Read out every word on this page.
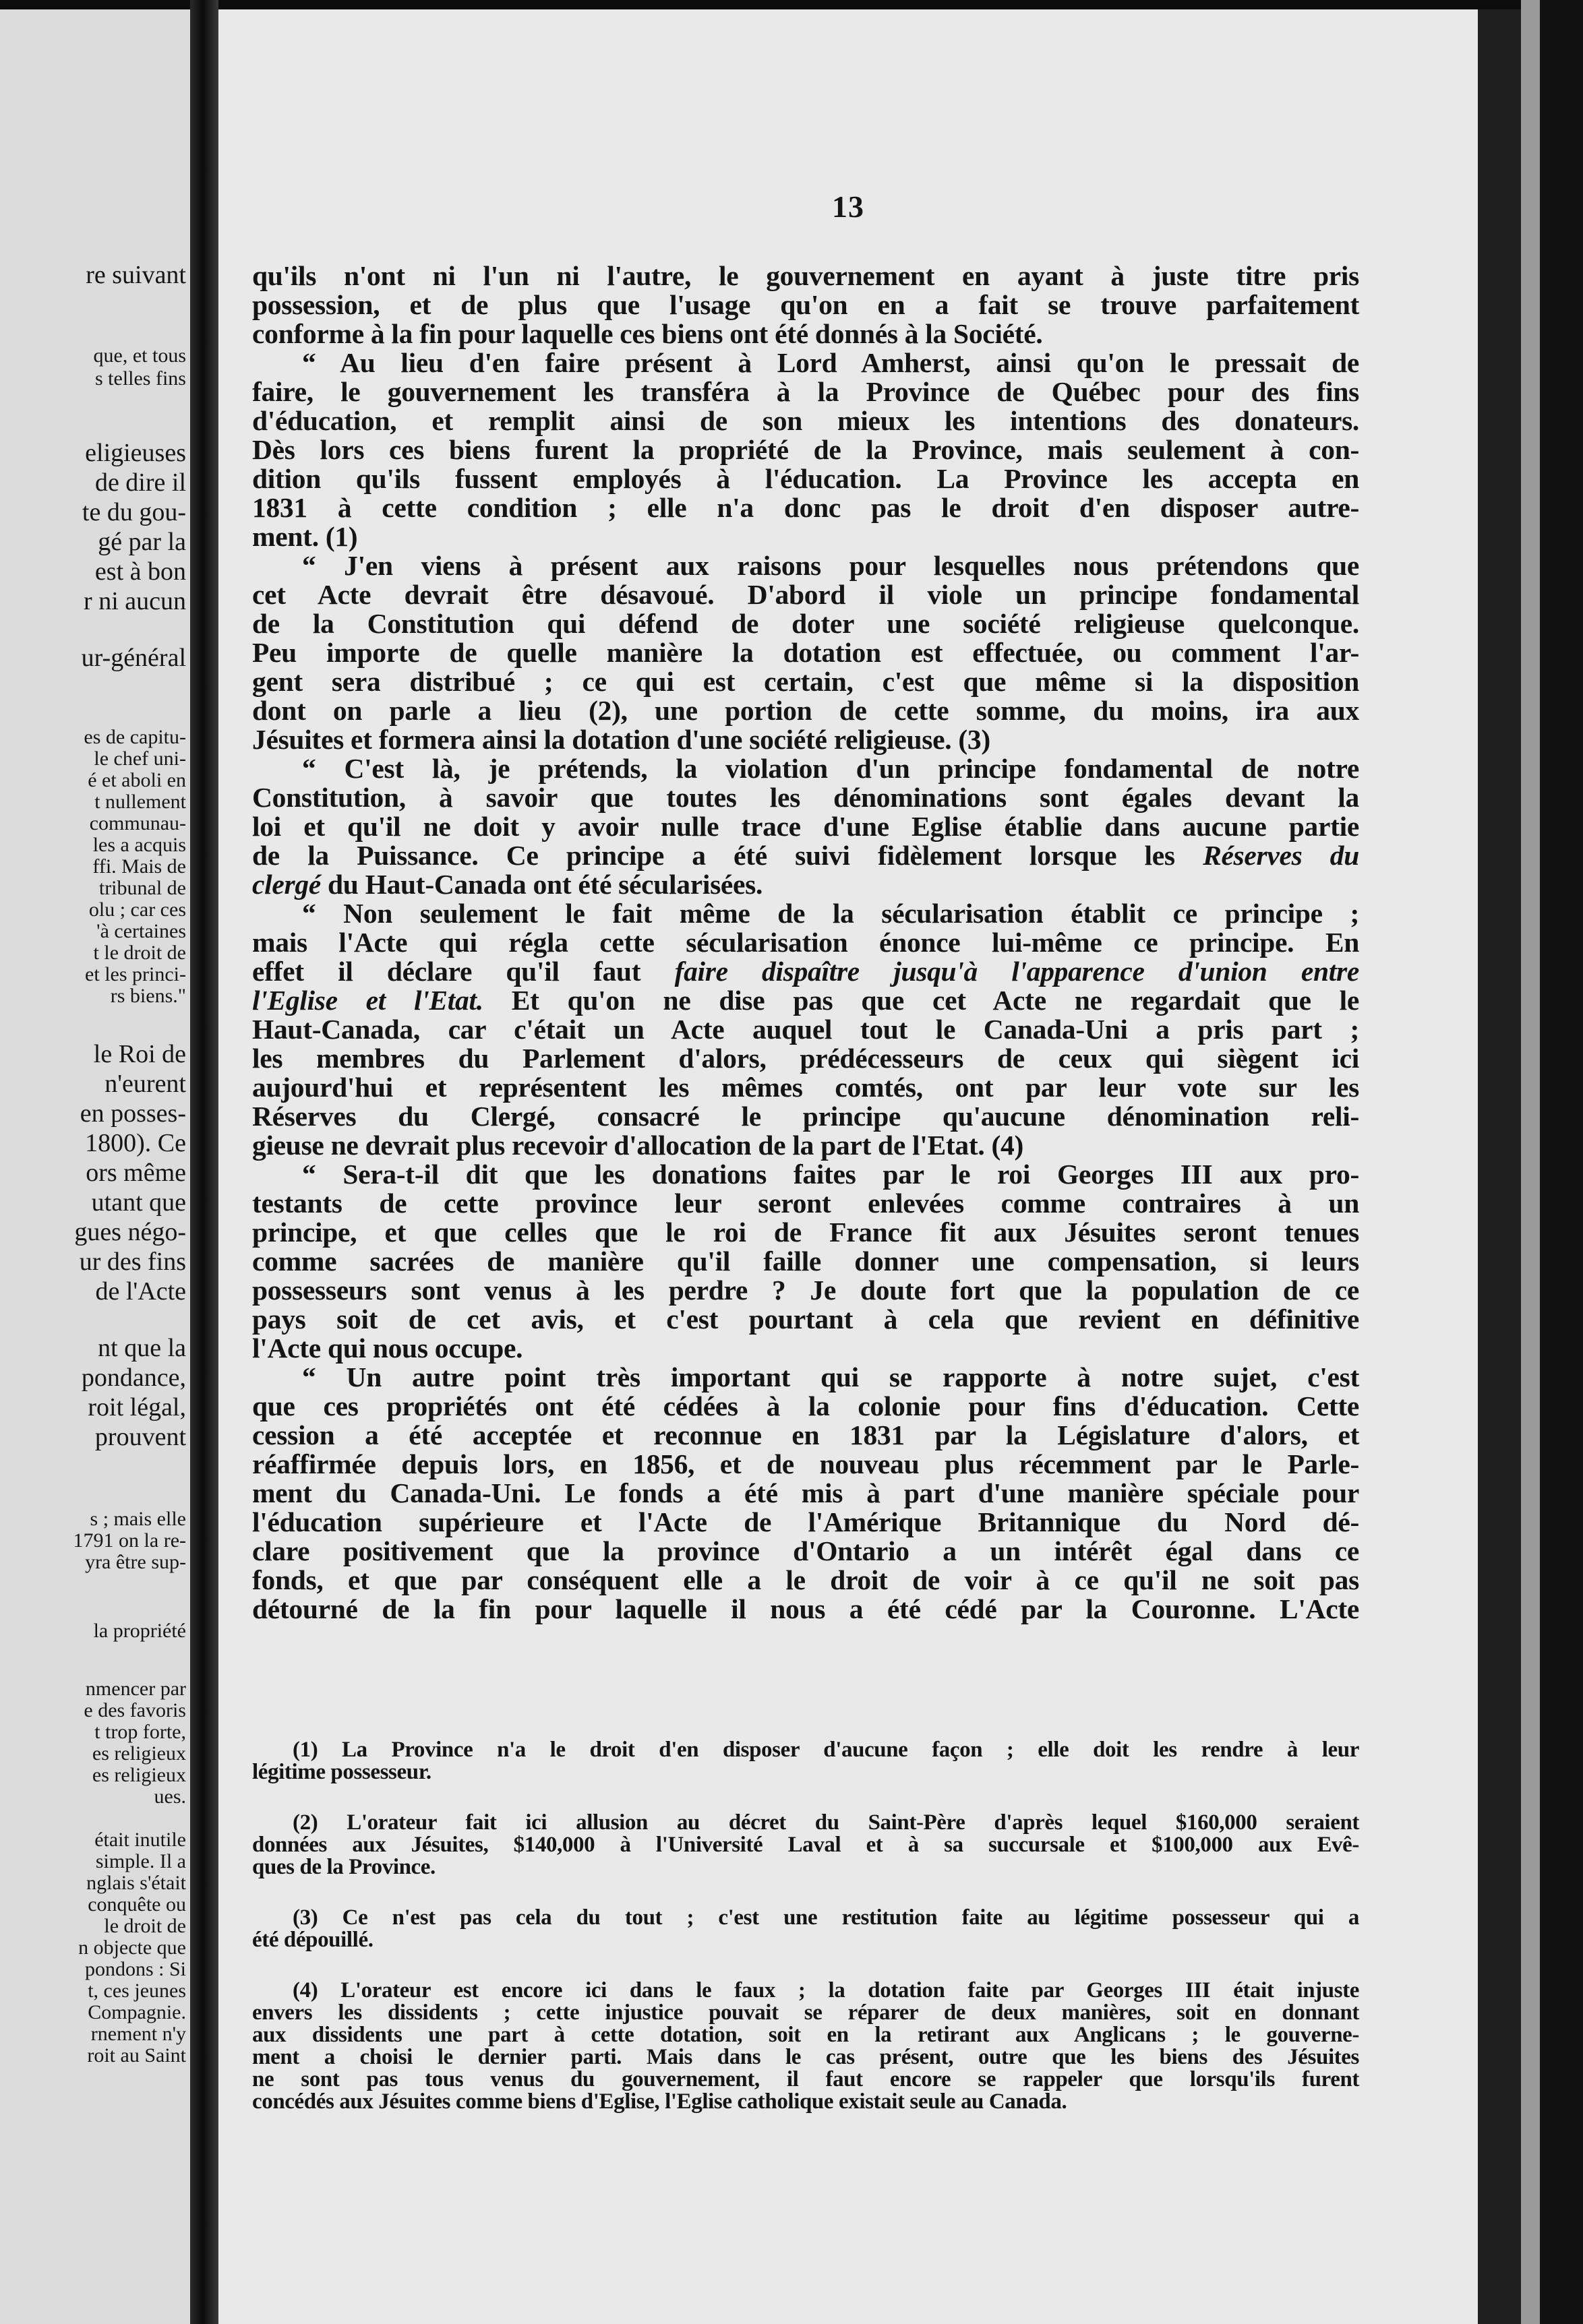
re suivant
que, et tous
s telles fins
eligieuses
de dire il
te du gou-
gé par la
est à bon
r ni aucun
ur-général
es de capitu-
le chef uni-
é et aboli en
t nullement
communau-
les a acquis
ffi. Mais de
tribunal de
olu ; car ces
'à certaines
t le droit de
et les princi-
rs biens."
le Roi de
n'eurent
en posses-
1800). Ce
ors même
utant que
gues négo-
ur des fins
de l'Acte
nt que la
pondance,
roit légal,
prouvent
s ; mais elle
1791 on la re-
yra être sup-
la propriété
nmencer par
e des favoris
t trop forte,
es religieux
es religieux
ues.
était inutile
simple. Il a
nglais s'était
conquête ou
le droit de
n objecte que
pondons : Si
t, ces jeunes
Compagnie.
rnement n'y
roit au Saint
13
qu'ils n'ont ni l'un ni l'autre, le gouvernement en ayant à juste titre pris
possession, et de plus que l'usage qu'on en a fait se trouve parfaitement
conforme à la fin pour laquelle ces biens ont été donnés à la Société.
“ Au lieu d'en faire présent à Lord Amherst, ainsi qu'on le pressait de
faire, le gouvernement les transféra à la Province de Québec pour des fins
d'éducation, et remplit ainsi de son mieux les intentions des donateurs.
Dès lors ces biens furent la propriété de la Province, mais seulement à con-
dition qu'ils fussent employés à l'éducation. La Province les accepta en
1831 à cette condition ; elle n'a donc pas le droit d'en disposer autre-
ment. (1)
“ J'en viens à présent aux raisons pour lesquelles nous prétendons que
cet Acte devrait être désavoué. D'abord il viole un principe fondamental
de la Constitution qui défend de doter une société religieuse quelconque.
Peu importe de quelle manière la dotation est effectuée, ou comment l'ar-
gent sera distribué ; ce qui est certain, c'est que même si la disposition
dont on parle a lieu (2), une portion de cette somme, du moins, ira aux
Jésuites et formera ainsi la dotation d'une société religieuse. (3)
“ C'est là, je prétends, la violation d'un principe fondamental de notre
Constitution, à savoir que toutes les dénominations sont égales devant la
loi et qu'il ne doit y avoir nulle trace d'une Eglise établie dans aucune partie
de la Puissance. Ce principe a été suivi fidèlement lorsque les Réserves du
clergé du Haut-Canada ont été sécularisées.
“ Non seulement le fait même de la sécularisation établit ce principe ;
mais l'Acte qui régla cette sécularisation énonce lui-même ce principe. En
effet il déclare qu'il faut faire dispaître jusqu'à l'apparence d'union entre
l'Eglise et l'Etat. Et qu'on ne dise pas que cet Acte ne regardait que le
Haut-Canada, car c'était un Acte auquel tout le Canada-Uni a pris part ;
les membres du Parlement d'alors, prédécesseurs de ceux qui siègent ici
aujourd'hui et représentent les mêmes comtés, ont par leur vote sur les
Réserves du Clergé, consacré le principe qu'aucune dénomination reli-
gieuse ne devrait plus recevoir d'allocation de la part de l'Etat. (4)
“ Sera-t-il dit que les donations faites par le roi Georges III aux pro-
testants de cette province leur seront enlevées comme contraires à un
principe, et que celles que le roi de France fit aux Jésuites seront tenues
comme sacrées de manière qu'il faille donner une compensation, si leurs
possesseurs sont venus à les perdre ? Je doute fort que la population de ce
pays soit de cet avis, et c'est pourtant à cela que revient en définitive
l'Acte qui nous occupe.
“ Un autre point très important qui se rapporte à notre sujet, c'est
que ces propriétés ont été cédées à la colonie pour fins d'éducation. Cette
cession a été acceptée et reconnue en 1831 par la Législature d'alors, et
réaffirmée depuis lors, en 1856, et de nouveau plus récemment par le Parle-
ment du Canada-Uni. Le fonds a été mis à part d'une manière spéciale pour
l'éducation supérieure et l'Acte de l'Amérique Britannique du Nord dé-
clare positivement que la province d'Ontario a un intérêt égal dans ce
fonds, et que par conséquent elle a le droit de voir à ce qu'il ne soit pas
détourné de la fin pour laquelle il nous a été cédé par la Couronne. L'Acte
(1) La Province n'a le droit d'en disposer d'aucune façon ; elle doit les rendre à leur
légitime possesseur.
(2) L'orateur fait ici allusion au décret du Saint-Père d'après lequel $160,000 seraient
données aux Jésuites, $140,000 à l'Université Laval et à sa succursale et $100,000 aux Evê-
ques de la Province.
(3) Ce n'est pas cela du tout ; c'est une restitution faite au légitime possesseur qui a
été dépouillé.
(4) L'orateur est encore ici dans le faux ; la dotation faite par Georges III était injuste
envers les dissidents ; cette injustice pouvait se réparer de deux manières, soit en donnant
aux dissidents une part à cette dotation, soit en la retirant aux Anglicans ; le gouverne-
ment a choisi le dernier parti. Mais dans le cas présent, outre que les biens des Jésuites
ne sont pas tous venus du gouvernement, il faut encore se rappeler que lorsqu'ils furent
concédés aux Jésuites comme biens d'Eglise, l'Eglise catholique existait seule au Canada.
